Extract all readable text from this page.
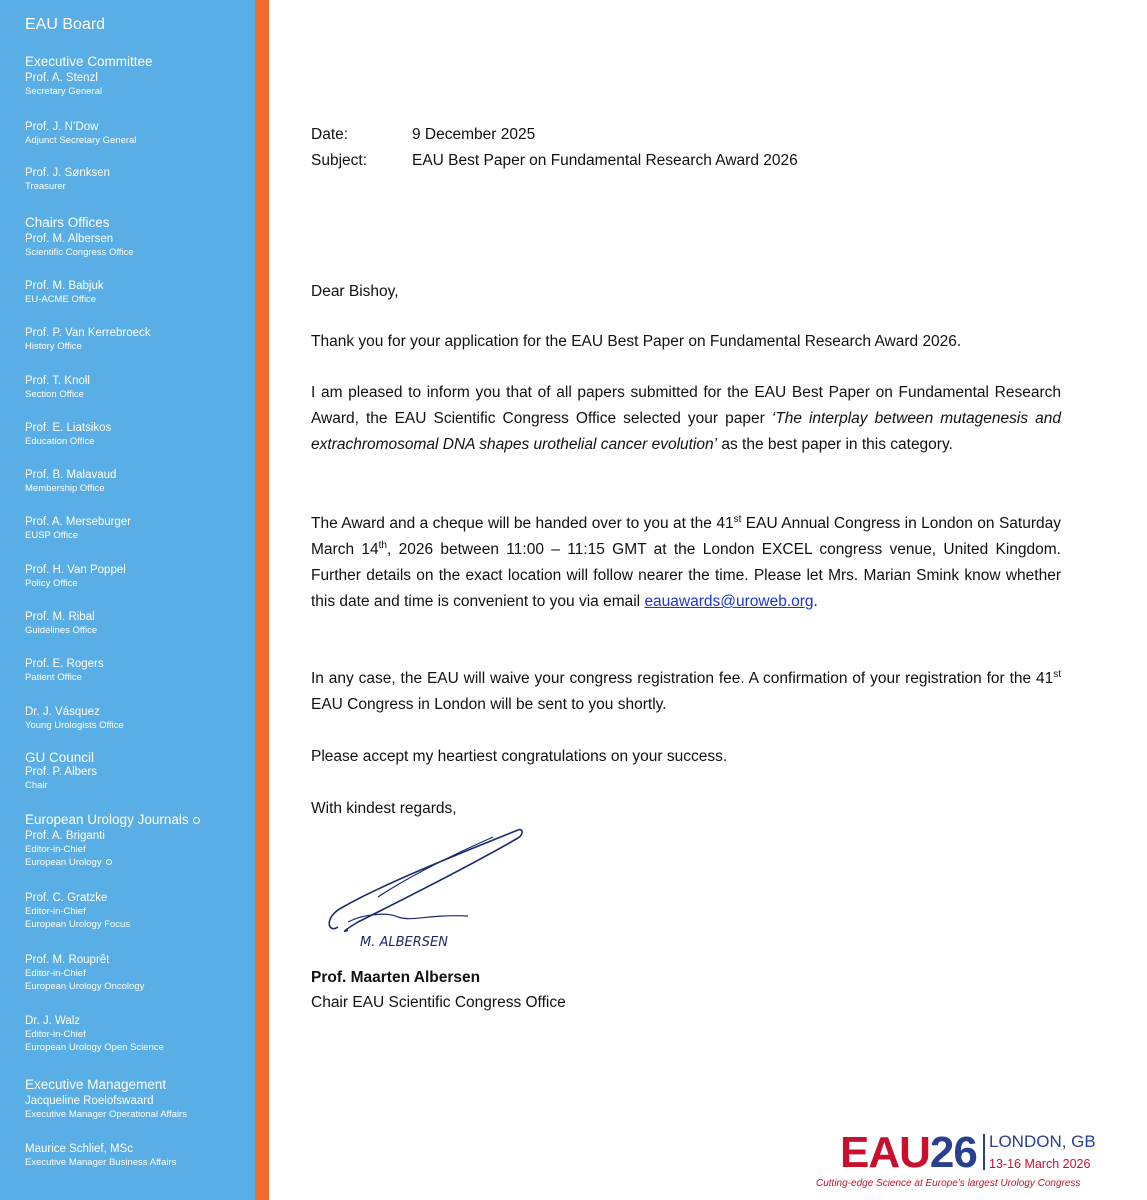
EAU Board
Executive Committee
Prof. A. Stenzl
Secretary General
Prof. J. N’Dow
Adjunct Secretary General
Prof. J. Sønksen
Treasurer
Chairs Offices
Prof. M. Albersen
Scientific Congress Office
Prof. M. Babjuk
EU-ACME Office
Prof. P. Van Kerrebroeck
History Office
Prof. T. Knoll
Section Office
Prof. E. Liatsikos
Education Office
Prof. B. Malavaud
Membership Office
Prof. A. Merseburger
EUSP Office
Prof. H. Van Poppel
Policy Office
Prof. M. Ribal
Guidelines Office
Prof. E. Rogers
Patient Office
Dr. J. Vásquez
Young Urologists Office
GU Council
Prof. P. Albers
Chair
European Urology Journals
Prof. A. Briganti
Editor-in-Chief
European Urology
Prof. C. Gratzke
Editor-in-Chief
European Urology Focus
Prof. M. Rouprêt
Editor-in-Chief
European Urology Oncology
Dr. J. Walz
Editor-in-Chief
European Urology Open Science
Executive Management
Jacqueline Roelofswaard
Executive Manager Operational Affairs
Maurice Schlief, MSc
Executive Manager Business Affairs
Date:	9 December 2025
Subject:	EAU Best Paper on Fundamental Research Award 2026
Dear Bishoy,
Thank you for your application for the EAU Best Paper on Fundamental Research Award 2026.
I am pleased to inform you that of all papers submitted for the EAU Best Paper on Fundamental Research Award, the EAU Scientific Congress Office selected your paper ‘The interplay between mutagenesis and extrachromosomal DNA shapes urothelial cancer evolution’ as the best paper in this category.
The Award and a cheque will be handed over to you at the 41st EAU Annual Congress in London on Saturday March 14th, 2026 between 11:00 – 11:15 GMT at the London EXCEL congress venue, United Kingdom. Further details on the exact location will follow nearer the time. Please let Mrs. Marian Smink know whether this date and time is convenient to you via email eauawards@uroweb.org.
In any case, the EAU will waive your congress registration fee. A confirmation of your registration for the 41st EAU Congress in London will be sent to you shortly.
Please accept my heartiest congratulations on your success.
With kindest regards,
M. ALBERSEN
Prof. Maarten Albersen
Chair EAU Scientific Congress Office
EAU26 LONDON, GB
13-16 March 2026
Cutting-edge Science at Europe’s largest Urology Congress
